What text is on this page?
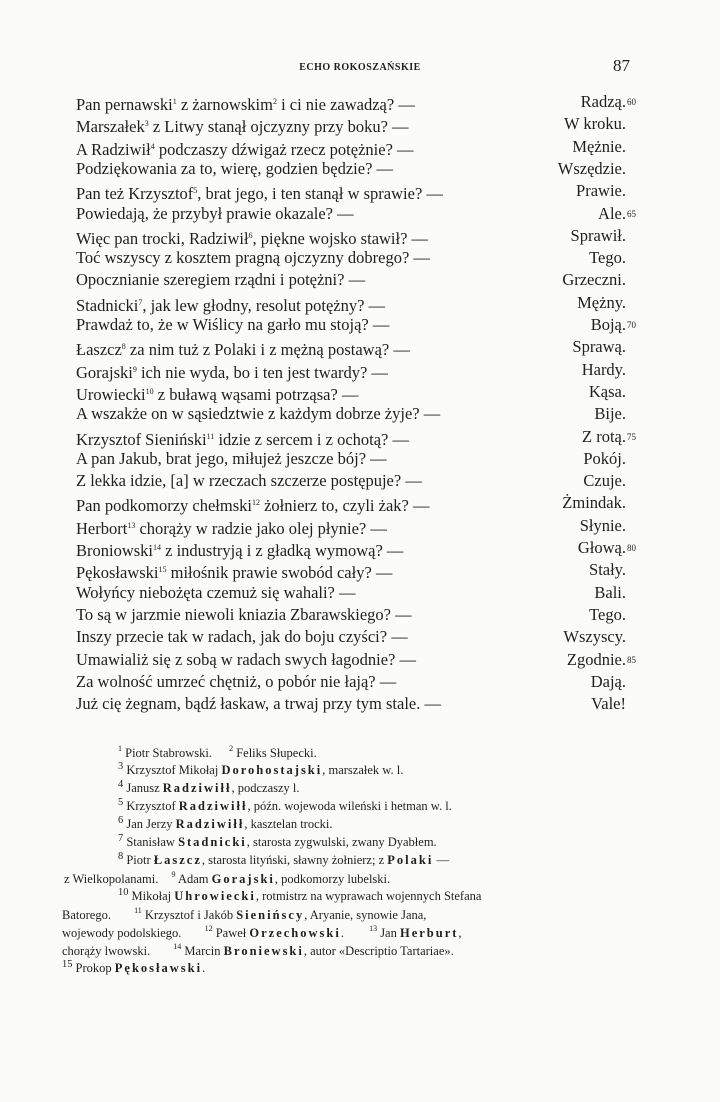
ECHO ROKOSZAŃSKIE	87
Pan pernawski$^1$ z żarnowskim$^2$ i ci nie zawadzą? —	Radzą.
Marszałek$^3$ z Litwy stanął ojczyzny przy boku? —	W kroku.
A Radziwił$^4$ podczaszy dźwigaż rzecz potężnie? —	Mężnie.
Podziękowania za to, wierę, godzien będzie? —	Wszędzie.
Pan też Krzysztof$^5$, brat jego, i ten stanął w sprawie? —	Prawie.
Powiedają, że przybył prawie okazale? —	Ale.
Więc pan trocki, Radziwił$^6$, piękne wojsko stawił? —	Sprawił.
Toć wszyscy z kosztem pragną ojczyzny dobrego? —	Tego.
Opocznianie szeregiem rządni i potężni? —	Grzeczni.
Stadnicki$^7$, jak lew głodny, resolut potężny? —	Mężny.
Prawdaż to, że w Wiślicy na garło mu stoją? —	Boją.
Łaszcz$^8$ za nim tuż z Polaki i z mężną postawą? —	Sprawą.
Gorajski$^9$ ich nie wyda, bo i ten jest twardy? —	Hardy.
Urowiecki$^{10}$ z buławą wąsami potrząsa? —	Kąsa.
A wszakże on w sąsiedztwie z każdym dobrze żyje? —	Bije.
Krzysztof Sieniński$^{11}$ idzie z sercem i z ochotą? —	Z rotą.
A pan Jakub, brat jego, miłujeż jeszcze bój? —	Pokój.
Z lekka idzie, [a] w rzeczach szczerze postępuje? —	Czuje.
Pan podkomorzy chełmski$^{12}$ żołnierz to, czyli żak? —	Żmindak.
Herbort$^{13}$ chorąży w radzie jako olej płynie? —	Słynie.
Broniowski$^{14}$ z industryją i z gładką wymową? —	Głową.
Pękosławski$^{15}$ miłośnik prawie swobód cały? —	Stały.
Wołyńcy niebożęta czemuż się wahali? —	Bali.
To są w jarzmie niewoli kniazia Zbarawskiego? —	Tego.
Inszy przecie tak w radach, jak do boju czyści? —	Wszyscy.
Umawialiż się z sobą w radach swych łagodnie? —	Zgodnie.
Za wolność umrzeć chętniż, o pobór nie łają? —	Dają.
Już cię żegnam, bądź łaskaw, a trwaj przy tym stale. —	Vale!
60
65
70
75
80
85
$^1$ Piotr Stabrowski. $^2$ Feliks Słupecki.
$^3$ Krzysztof Mikołaj Dorohostajski, marszałek w. l.
$^4$ Janusz Radziwiłł, podczaszy l.
$^5$ Krzysztof Radziwiłł, późn. wojewoda wileński i hetman w. l.
$^6$ Jan Jerzy Radziwiłł, kasztelan trocki.
$^7$ Stanisław Stadnicki, starosta zygwulski, zwany Dyabłem.
$^8$ Piotr Łaszcz, starosta lityński, sławny żołnierz; z Polaki —
z Wielkopolanami. $^9$ Adam Gorajski, podkomorzy lubelski.
$^{10}$ Mikołaj Uhrowiecki, rotmistrz na wyprawach wojennych Stefana
Batorego.	$^{11}$ Krzysztof i Jakób Sienińscy, Aryanie, synowie Jana,
wojewody podolskiego.	$^{12}$ Paweł Orzechowski.	$^{13}$ Jan Herburt,
chorąży lwowski.	$^{14}$ Marcin Broniewski, autor «Descriptio Tartariae».
$^{15}$ Prokop Pękosławski.
